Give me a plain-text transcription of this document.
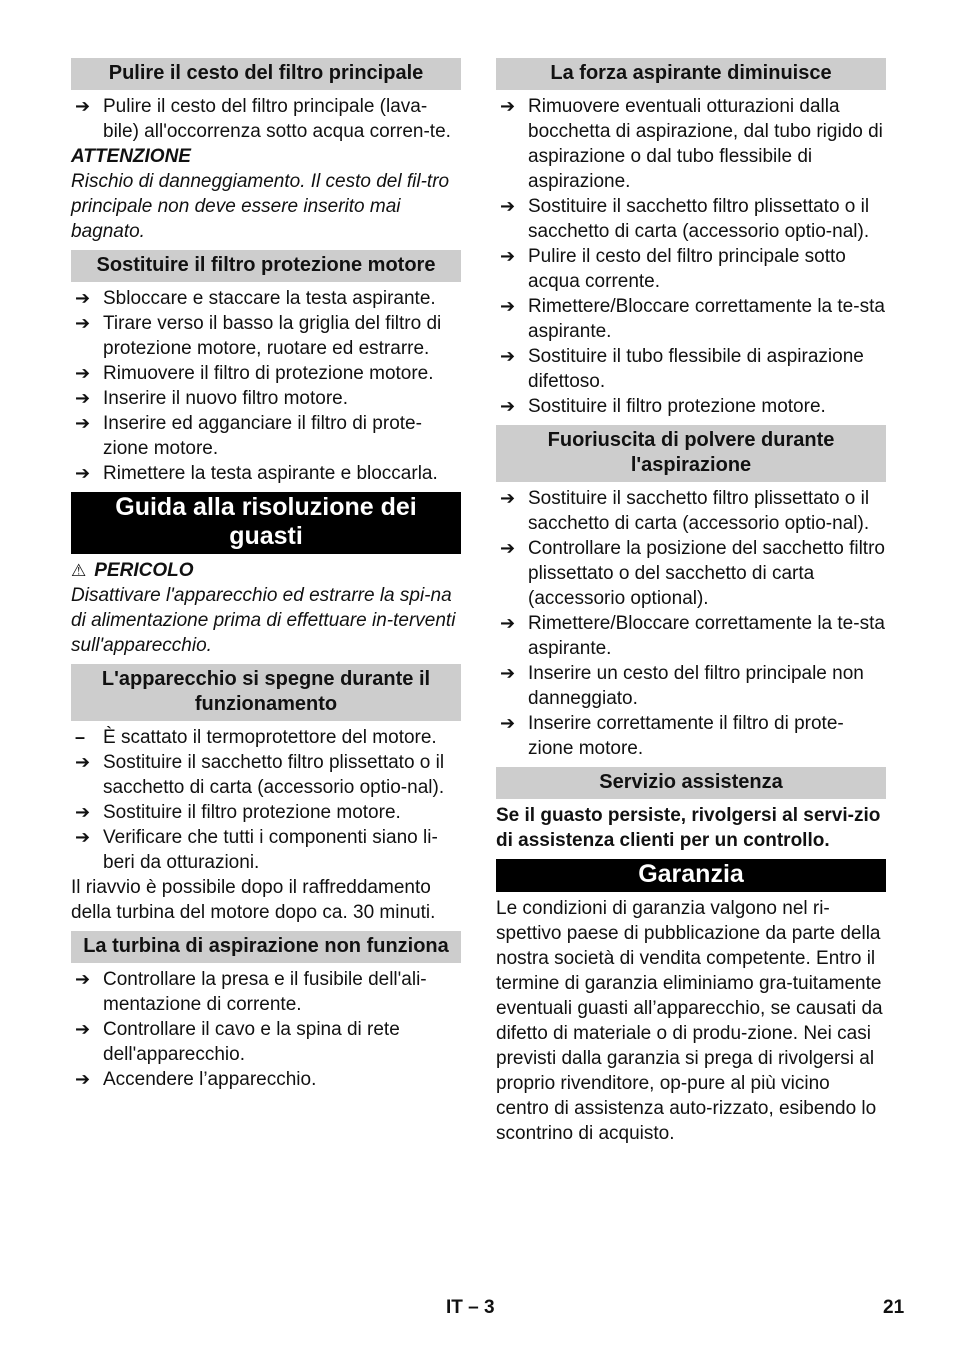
Pulire il cesto del filtro principale
➔ Pulire il cesto del filtro principale (lava-bile) all'occorrenza sotto acqua corren-te.

ATTENZIONE

Rischio di danneggiamento. Il cesto del fil-tro principale non deve essere inserito mai bagnato.

Sostituire il filtro protezione motore
➔ Sbloccare e staccare la testa aspirante.
➔ Tirare verso il basso la griglia del filtro di protezione motore, ruotare ed estrarre.
➔ Rimuovere il filtro di protezione motore.
➔ Inserire il nuovo filtro motore.
➔ Inserire ed agganciare il filtro di prote-zione motore.
➔ Rimettere la testa aspirante e bloccarla.
Guida alla risoluzione dei guasti

⚠ PERICOLO

Disattivare l'apparecchio ed estrarre la spi-na di alimentazione prima di effettuare in-terventi sull'apparecchio.

L'apparecchio si spegne durante il funzionamento
– È scattato il termoprotettore del motore.
➔ Sostituire il sacchetto filtro plissettato o il sacchetto di carta (accessorio optio-nal).
➔ Sostituire il filtro protezione motore.
➔ Verificare che tutti i componenti siano li-beri da otturazioni.

Il riavvio è possibile dopo il raffreddamento della turbina del motore dopo ca. 30 minuti.

La turbina di aspirazione non funziona
➔ Controllare la presa e il fusibile dell'ali-mentazione di corrente.
➔ Controllare il cavo e la spina di rete dell'apparecchio.
➔ Accendere l’apparecchio.
La forza aspirante diminuisce
➔ Rimuovere eventuali otturazioni dalla bocchetta di aspirazione, dal tubo rigido di aspirazione o dal tubo flessibile di aspirazione.
➔ Sostituire il sacchetto filtro plissettato o il sacchetto di carta (accessorio optio-nal).
➔ Pulire il cesto del filtro principale sotto acqua corrente.
➔ Rimettere/Bloccare correttamente la te-sta aspirante.
➔ Sostituire il tubo flessibile di aspirazione difettoso.
➔ Sostituire il filtro protezione motore.
Fuoriuscita di polvere durante l'aspirazione
➔ Sostituire il sacchetto filtro plissettato o il sacchetto di carta (accessorio optio-nal).
➔ Controllare la posizione del sacchetto filtro plissettato o del sacchetto di carta (accessorio optional).
➔ Rimettere/Bloccare correttamente la te-sta aspirante.
➔ Inserire un cesto del filtro principale non danneggiato.
➔ Inserire correttamente il filtro di prote-zione motore.
Servizio assistenza

Se il guasto persiste, rivolgersi al servi-zio di assistenza clienti per un controllo.

Garanzia

Le condizioni di garanzia valgono nel ri-spettivo paese di pubblicazione da parte della nostra società di vendita competente. Entro il termine di garanzia eliminiamo gra-tuitamente eventuali guasti all’apparecchio, se causati da difetto di materiale o di produ-zione. Nei casi previsti dalla garanzia si prega di rivolgersi al proprio rivenditore, op-pure al più vicino centro di assistenza auto-rizzato, esibendo lo scontrino di acquisto.

IT – 3	21
